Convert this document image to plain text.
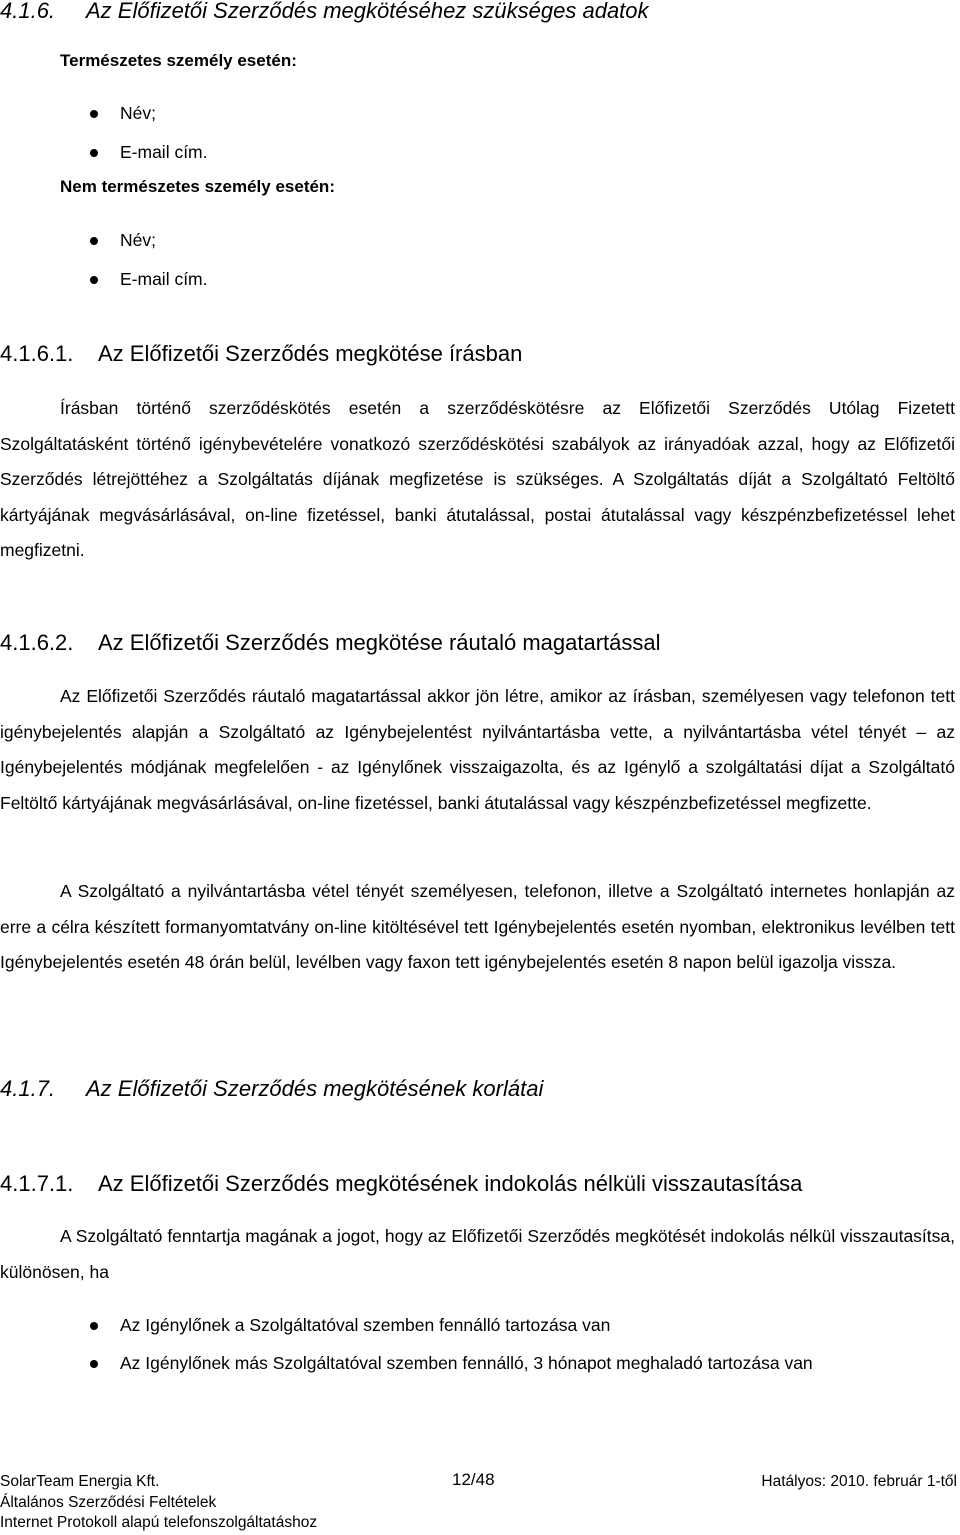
4.1.6. Az Előfizetői Szerződés megkötéséhez szükséges adatok
Természetes személy esetén:
Név;
E-mail cím.
Nem természetes személy esetén:
Név;
E-mail cím.
4.1.6.1. Az Előfizetői Szerződés megkötése írásban

Írásban történő szerződéskötés esetén a szerződéskötésre az Előfizetői Szerződés Utólag Fizetett Szolgáltatásként történő igénybevételére vonatkozó szerződéskötési szabályok az irányadóak azzal, hogy az Előfizetői Szerződés létrejöttéhez a Szolgáltatás díjának megfizetése is szükséges. A Szolgáltatás díját a Szolgáltató Feltöltő kártyájának megvásárlásával, on-line fizetéssel, banki átutalással, postai átutalással vagy készpénzbefizetéssel lehet megfizetni.

4.1.6.2. Az Előfizetői Szerződés megkötése ráutaló magatartással

Az Előfizetői Szerződés ráutaló magatartással akkor jön létre, amikor az írásban, személyesen vagy telefonon tett igénybejelentés alapján a Szolgáltató az Igénybejelentést nyilvántartásba vette, a nyilvántartásba vétel tényét – az Igénybejelentés módjának megfelelően - az Igénylőnek visszaigazolta, és az Igénylő a szolgáltatási díjat a Szolgáltató Feltöltő kártyájának megvásárlásával, on-line fizetéssel, banki átutalással vagy készpénzbefizetéssel megfizette.

A Szolgáltató a nyilvántartásba vétel tényét személyesen, telefonon, illetve a Szolgáltató internetes honlapján az erre a célra készített formanyomtatvány on-line kitöltésével tett Igénybejelentés esetén nyomban, elektronikus levélben tett Igénybejelentés esetén 48 órán belül, levélben vagy faxon tett igénybejelentés esetén 8 napon belül igazolja vissza.

4.1.7. Az Előfizetői Szerződés megkötésének korlátai
4.1.7.1. Az Előfizetői Szerződés megkötésének indokolás nélküli visszautasítása

A Szolgáltató fenntartja magának a jogot, hogy az Előfizetői Szerződés megkötését indokolás nélkül visszautasítsa, különösen, ha

Az Igénylőnek a Szolgáltatóval szemben fennálló tartozása van
Az Igénylőnek más Szolgáltatóval szemben fennálló, 3 hónapot meghaladó tartozása van
SolarTeam Energia Kft.	12/48	Hatályos: 2010. február 1-től
Általános Szerződési Feltételek
Internet Protokoll alapú telefonszolgáltatáshoz
